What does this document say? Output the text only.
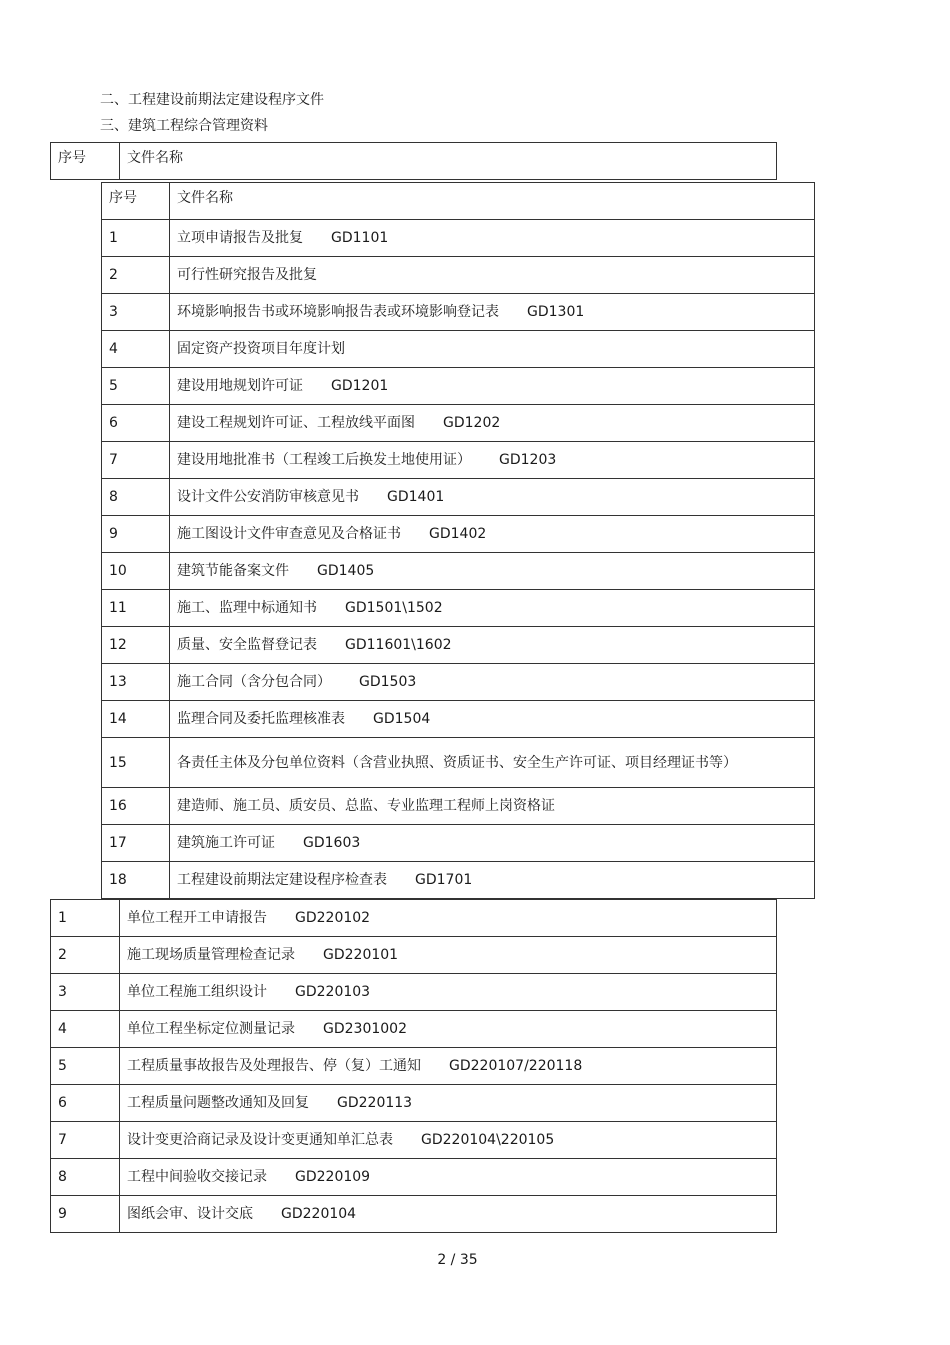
二、工程建设前期法定建设程序文件
三、建筑工程综合管理资料
序号	文件名称
序号	文件名称
1	立项申请报告及批复 GD1101
2	可行性研究报告及批复
3	环境影响报告书或环境影响报告表或环境影响登记表 GD1301
4	固定资产投资项目年度计划
5	建设用地规划许可证 GD1201
6	建设工程规划许可证、工程放线平面图 GD1202
7	建设用地批准书（工程竣工后换发土地使用证） GD1203
8	设计文件公安消防审核意见书 GD1401
9	施工图设计文件审查意见及合格证书 GD1402
10	建筑节能备案文件 GD1405
11	施工、监理中标通知书 GD1501\1502
12	质量、安全监督登记表 GD11601\1602
13	施工合同（含分包合同） GD1503
14	监理合同及委托监理核准表 GD1504
15	各责任主体及分包单位资料（含营业执照、资质证书、安全生产许可证、项目经理证书等）
16	建造师、施工员、质安员、总监、专业监理工程师上岗资格证
17	建筑施工许可证 GD1603
18	工程建设前期法定建设程序检查表 GD1701
1	单位工程开工申请报告 GD220102
2	施工现场质量管理检查记录 GD220101
3	单位工程施工组织设计 GD220103
4	单位工程坐标定位测量记录 GD2301002
5	工程质量事故报告及处理报告、停（复）工通知 GD220107/220118
6	工程质量问题整改通知及回复 GD220113
7	设计变更洽商记录及设计变更通知单汇总表 GD220104\220105
8	工程中间验收交接记录 GD220109
9	图纸会审、设计交底 GD220104
2 / 35
